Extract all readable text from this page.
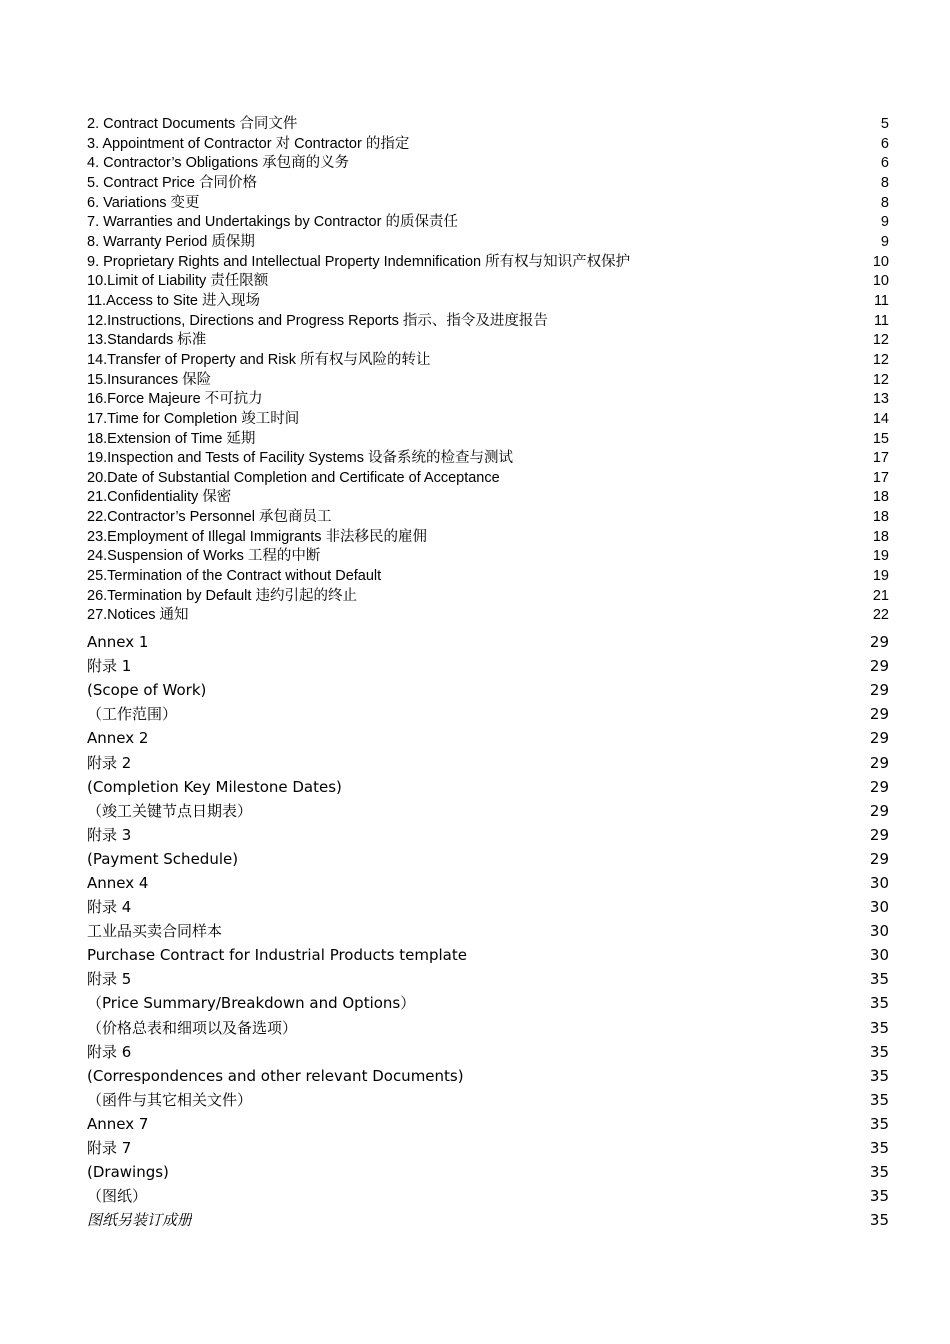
2. Contract Documents 合同文件	5
3. Appointment of Contractor 对 Contractor 的指定	6
4. Contractor’s Obligations 承包商的义务	6
5. Contract Price 合同价格	8
6. Variations 变更	8
7. Warranties and Undertakings by Contractor 的质保责任	9
8. Warranty Period 质保期	9
9. Proprietary Rights and Intellectual Property Indemnification 所有权与知识产权保护	10
10.Limit of Liability 责任限额	10
11.Access to Site 进入现场	11
12.Instructions, Directions and Progress Reports 指示、指令及进度报告	11
13.Standards 标准	12
14.Transfer of Property and Risk 所有权与风险的转让	12
15.Insurances 保险	12
16.Force Majeure 不可抗力	13
17.Time for Completion 竣工时间	14
18.Extension of Time 延期	15
19.Inspection and Tests of Facility Systems 设备系统的检查与测试	17
20.Date of Substantial Completion and Certificate of Acceptance	17
21.Confidentiality 保密	18
22.Contractor’s Personnel 承包商员工	18
23.Employment of Illegal Immigrants 非法移民的雇佣	18
24.Suspension of Works 工程的中断	19
25.Termination of the Contract without Default	19
26.Termination by Default 违约引起的终止	21
27.Notices 通知	22
Annex 1	29
附录 1	29
(Scope of Work)	29
（工作范围）	29
Annex 2	29
附录 2	29
(Completion Key Milestone Dates)	29
（竣工关键节点日期表）	29
附录 3	29
(Payment Schedule)	29
Annex 4	30
附录 4	30
工业品买卖合同样本	30
Purchase Contract for Industrial Products template	30
附录 5	35
（Price Summary/Breakdown and Options）	35
（价格总表和细项以及备选项）	35
附录 6	35
(Correspondences and other relevant Documents)	35
（函件与其它相关文件）	35
Annex 7	35
附录 7	35
(Drawings)	35
（图纸）	35
图纸另装订成册	35
